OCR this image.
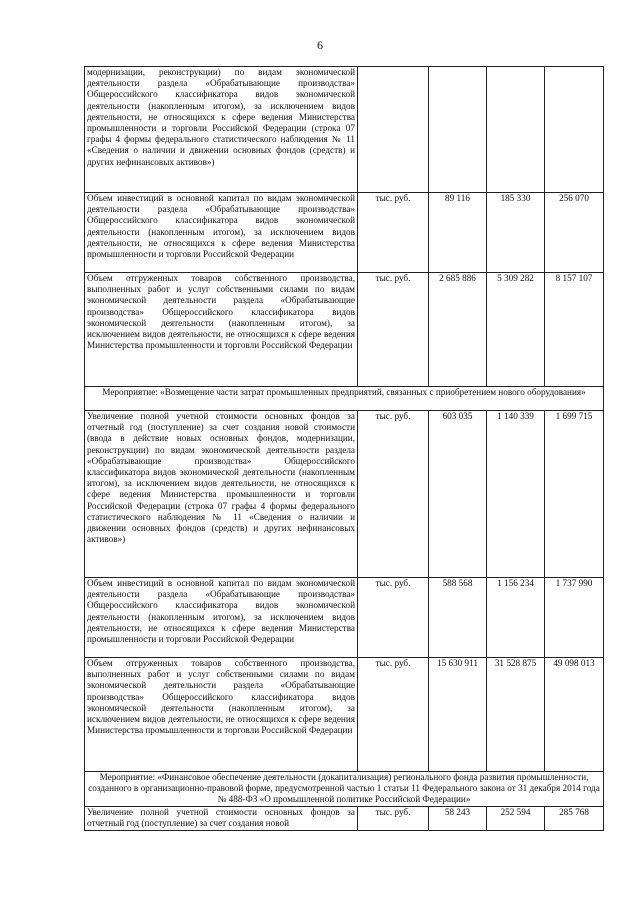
6
модернизации, реконструкции) по видам экономической деятельности раздела «Обрабатывающие производства» Общероссийского классификатора видов экономической деятельности (накопленным итогом), за исключением видов деятельности, не относящихся к сфере ведения Министерства промышленности и торговли Российской Федерации (строка 07 графы 4 формы федерального статистического наблюдения № 11 «Сведения о наличии и движении основных фондов (средств) и других нефинансовых активов»)				
Объем инвестиций в основной капитал по видам экономической деятельности раздела «Обрабатывающие производства» Общероссийского классификатора видов экономической деятельности (накопленным итогом), за исключением видов деятельности, не относящихся к сфере ведения Министерства промышленности и торговли Российской Федерации	тыс. руб.	89 116	185 330	256 070
Объем отгруженных товаров собственного производства, выполненных работ и услуг собственными силами по видам экономической деятельности раздела «Обрабатывающие производства» Общероссийского классификатора видов экономической деятельности (накопленным итогом), за исключением видов деятельности, не относящихся к сфере ведения Министерства промышленности и торговли Российской Федерации	тыс. руб.	2 685 886	5 309 282	8 157 107
Мероприятие: «Возмещение части затрат промышленных предприятий, связанных с приобретением нового оборудования»				
Увеличение полной учетной стоимости основных фондов за отчетный год (поступление) за счет создания новой стоимости (ввода в действие новых основных фондов, модернизации, реконструкции) по видам экономической деятельности раздела «Обрабатывающие производства» Общероссийского классификатора видов экономической деятельности (накопленным итогом), за исключением видов деятельности, не относящихся к сфере ведения Министерства промышленности и торговли Российской Федерации (строка 07 графы 4 формы федерального статистического наблюдения № 11 «Сведения о наличии и движении основных фондов (средств) и других нефинансовых активов»)	тыс. руб.	603 035	1 140 339	1 699 715
Объем инвестиций в основной капитал по видам экономической деятельности раздела «Обрабатывающие производства» Общероссийского классификатора видов экономической деятельности (накопленным итогом), за исключением видов деятельности, не относящихся к сфере ведения Министерства промышленности и торговли Российской Федерации	тыс. руб.	588 568	1 156 234	1 737 990
Объем отгруженных товаров собственного производства, выполненных работ и услуг собственными силами по видам экономической деятельности раздела «Обрабатывающие производства» Общероссийского классификатора видов экономической деятельности (накопленным итогом), за исключением видов деятельности, не относящихся к сфере ведения Министерства промышленности и торговли Российской Федерации	тыс. руб.	15 630 911	31 528 875	49 098 013
Мероприятие: «Финансовое обеспечение деятельности (докапитализация) регионального фонда развития промышленности, созданного в организационно-правовой форме, предусмотренной частью 1 статьи 11 Федерального закона от 31 декабря 2014 года № 488-ФЗ «О промышленной политике Российской Федерации»				

Увеличение полной учетной стоимости основных фондов за отчетный год (поступление) за счет создания новой	тыс. руб.	58 243	252 594	285 768
